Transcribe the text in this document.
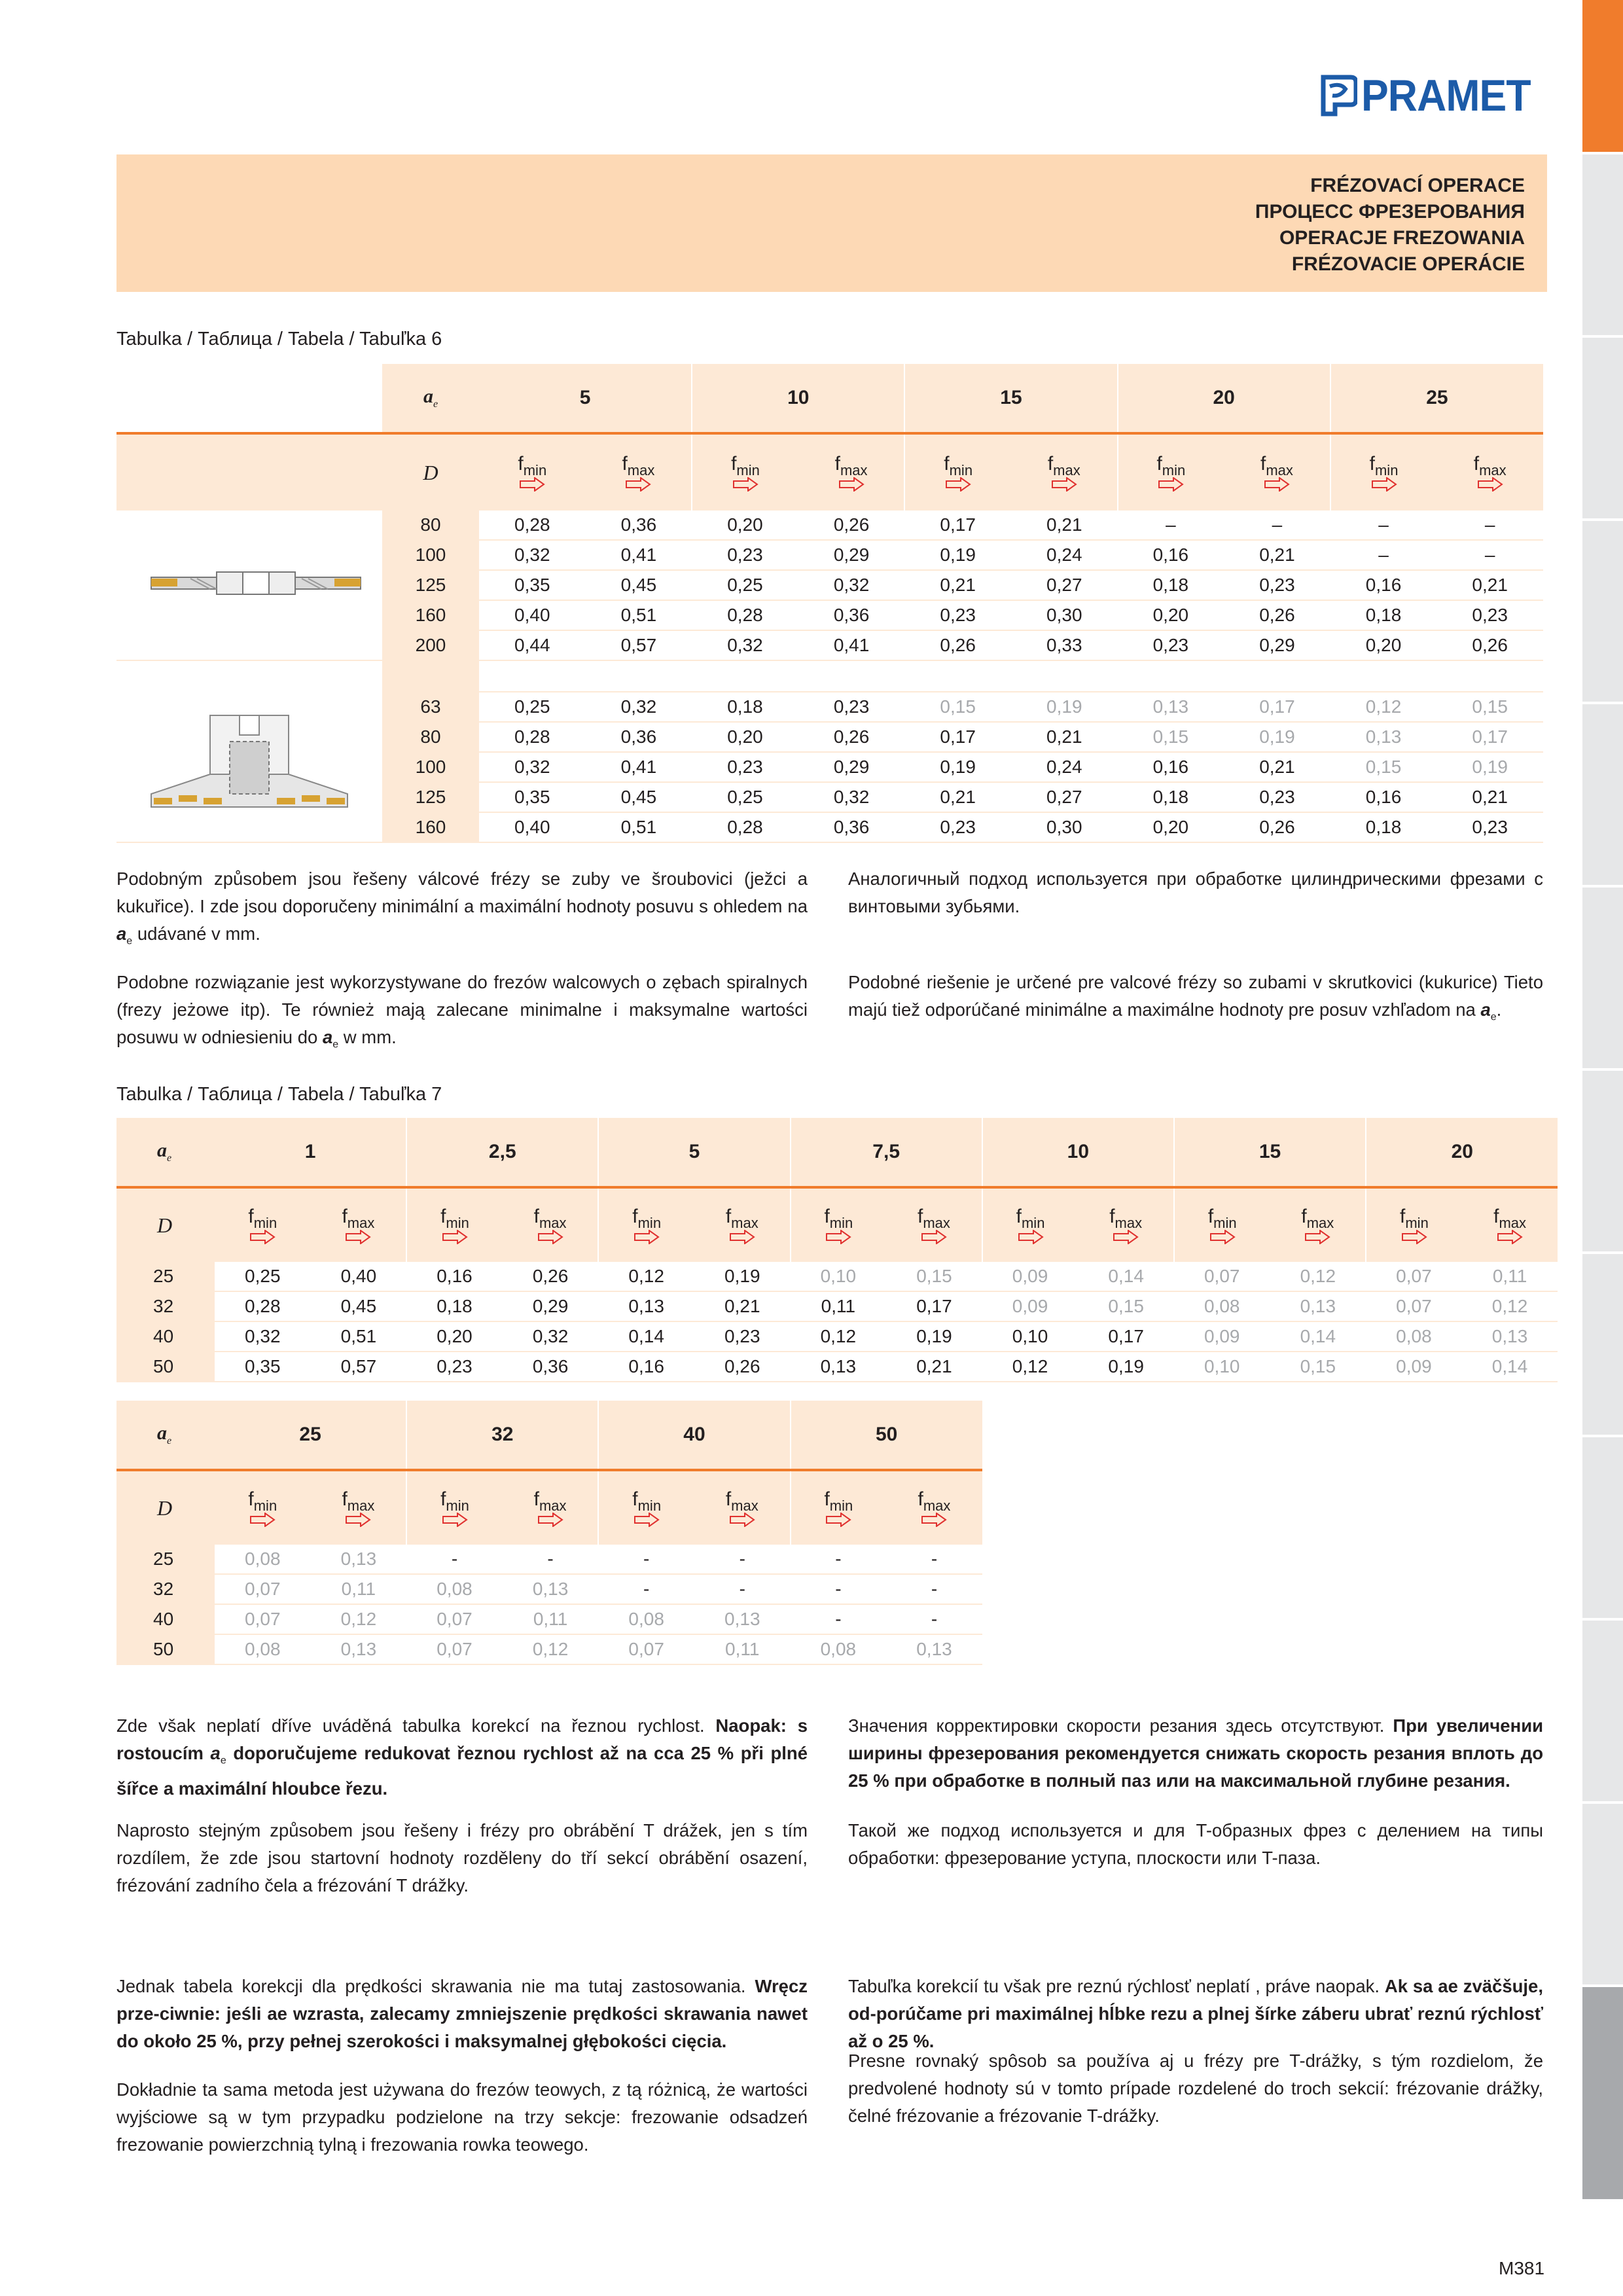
PRAMET
FRÉZOVACÍ OPERACE
ПРОЦЕСС ФРЕЗЕРОВАНИЯ
OPERACJE FREZOWANIA
FRÉZOVACIE OPERÁCIE
Tabulka / Таблица / Tabela / Tabuľka 6
	$a_e$	5		10		15		20		25	
	D	$f_{min}$	$f_{max}$	$f_{min}$	$f_{max}$	$f_{min}$	$f_{max}$	$f_{min}$	$f_{max}$	$f_{min}$	$f_{max}$

	80	0,28	0,36	0,20	0,26	0,17	0,21	–	–	–	–
	100	0,32	0,41	0,23	0,29	0,19	0,24	0,16	0,21	–	–
	125	0,35	0,45	0,25	0,32	0,21	0,27	0,18	0,23	0,16	0,21
	160	0,40	0,51	0,28	0,36	0,23	0,30	0,20	0,26	0,18	0,23
	200	0,44	0,57	0,32	0,41	0,26	0,33	0,23	0,29	0,20	0,26

	63	0,25	0,32	0,18	0,23	0,15	0,19	0,13	0,17	0,12	0,15
	80	0,28	0,36	0,20	0,26	0,17	0,21	0,15	0,19	0,13	0,17
	100	0,32	0,41	0,23	0,29	0,19	0,24	0,16	0,21	0,15	0,19
	125	0,35	0,45	0,25	0,32	0,21	0,27	0,18	0,23	0,16	0,21
	160	0,40	0,51	0,28	0,36	0,23	0,30	0,20	0,26	0,18	0,23
Podobným způsobem jsou řešeny válcové frézy se zuby ve šroubovici (ježci a kukuřice). I zde jsou doporučeny minimální a maximální hodnoty posuvu s ohledem na $a_e$ udávané v mm.
Аналогичный подход используется при обработке цилиндрическими фрезами с винтовыми зубьями.
Podobne rozwiązanie jest wykorzystywane do frezów walcowych o zębach spiralnych (frezy jeżowe itp). Te również mają zalecane minimalne i maksymalne wartości posuwu w odniesieniu do $a_e$ w mm.
Podobné riešenie je určené pre valcové frézy so zubami v skrutkovici (kukurice) Tieto majú tiež odporúčané minimálne a maximálne hodnoty pre posuv vzhľadom na $a_e$.
Tabulka / Таблица / Tabela / Tabuľka 7
$a_e$	1		2,5		5		7,5		10		15		20	
D	$f_{min}$	$f_{max}$	$f_{min}$	$f_{max}$	$f_{min}$	$f_{max}$	$f_{min}$	$f_{max}$	$f_{min}$	$f_{max}$	$f_{min}$	$f_{max}$	$f_{min}$	$f_{max}$

25	0,25	0,40	0,16	0,26	0,12	0,19	0,10	0,15	0,09	0,14	0,07	0,12	0,07	0,11
32	0,28	0,45	0,18	0,29	0,13	0,21	0,11	0,17	0,09	0,15	0,08	0,13	0,07	0,12
40	0,32	0,51	0,20	0,32	0,14	0,23	0,12	0,19	0,10	0,17	0,09	0,14	0,08	0,13
50	0,35	0,57	0,23	0,36	0,16	0,26	0,13	0,21	0,12	0,19	0,10	0,15	0,09	0,14
$a_e$	25		32		40		50	
D	$f_{min}$	$f_{max}$	$f_{min}$	$f_{max}$	$f_{min}$	$f_{max}$	$f_{min}$	$f_{max}$

25	0,08	0,13	-	-	-	-	-	-
32	0,07	0,11	0,08	0,13	-	-	-	-
40	0,07	0,12	0,07	0,11	0,08	0,13	-	-
50	0,08	0,13	0,07	0,12	0,07	0,11	0,08	0,13
Zde však neplatí dříve uváděná tabulka korekcí na řeznou rychlost. Naopak: s rostoucím $a_e$ doporučujeme redukovat řeznou rychlost až na cca 25 % při plné šířce a maximální hloubce řezu.
Naprosto stejným způsobem jsou řešeny i frézy pro obrábění T drážek, jen s tím rozdílem, že zde jsou startovní hodnoty rozděleny do tří sekcí obrábění osazení, frézování zadního čela a frézování T drážky.
Значения корректировки скорости резания здесь отсутствуют. При увеличении ширины фрезерования рекомендуется снижать скорость резания вплоть до 25 % при обработке в полный паз или на максимальной глубине резания.
Такой же подход используется и для T-образных фрез с делением на типы обработки: фрезерование уступа, плоскости или T-паза.
Jednak tabela korekcji dla prędkości skrawania nie ma tutaj zastosowania. Wręcz prze-ciwnie: jeśli ae wzrasta, zalecamy zmniejszenie prędkości skrawania nawet do około 25 %, przy pełnej szerokości i maksymalnej głębokości cięcia.
Dokładnie ta sama metoda jest używana do frezów teowych, z tą różnicą, że wartości wyjściowe są w tym przypadku podzielone na trzy sekcje: frezowanie odsadzeń frezowanie powierzchnią tylną i frezowania rowka teowego.
Tabuľka korekcií tu však pre reznú rýchlosť neplatí , práve naopak. Ak sa ae zväčšuje, od-porúčame pri maximálnej hĺbke rezu a plnej šírke záberu ubrať reznú rýchlosť až o 25 %.
Presne rovnaký spôsob sa používa aj u frézy pre T-drážky, s tým rozdielom, že predvolené hodnoty sú v tomto prípade rozdelené do troch sekcií: frézovanie drážky, čelné frézovanie a frézovanie T-drážky.
M381
